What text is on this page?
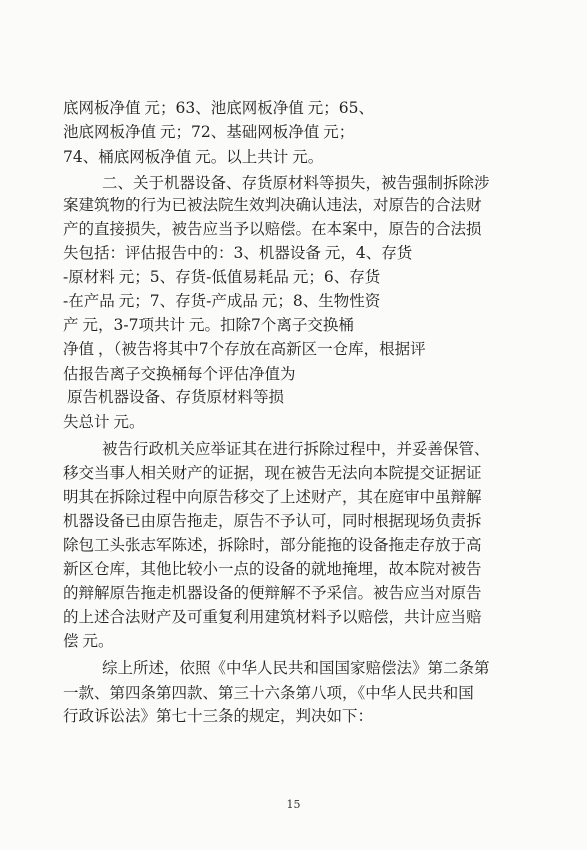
底网板净值 元；63、池底网板净值 元；65、
池底网板净值 元；72、基础网板净值 元；
74、桶底网板净值 元。以上共计 元。
二、关于机器设备、存货原材料等损失，被告强制拆除涉
案建筑物的行为已被法院生效判决确认违法，对原告的合法财
产的直接损失，被告应当予以赔偿。在本案中，原告的合法损
失包括：评估报告中的：3、机器设备 元，4、存货
-原材料 元；5、存货-低值易耗品 元；6、存货
-在产品 元；7、存货-产成品 元；8、生物性资
产 元，3-7项共计 元。扣除7个离子交换桶
净值 ，（被告将其中7个存放在高新区一仓库，根据评
估报告离子交换桶每个评估净值为
原告机器设备、存货原材料等损
失总计 元。
被告行政机关应举证其在进行拆除过程中，并妥善保管、
移交当事人相关财产的证据，现在被告无法向本院提交证据证
明其在拆除过程中向原告移交了上述财产，其在庭审中虽辩解
机器设备已由原告拖走，原告不予认可，同时根据现场负责拆
除包工头张志军陈述，拆除时，部分能拖的设备拖走存放于高
新区仓库，其他比较小一点的设备的就地掩埋，故本院对被告
的辩解原告拖走机器设备的便辩解不予采信。被告应当对原告
的上述合法财产及可重复利用建筑材料予以赔偿，共计应当赔
偿 元。
综上所述，依照《中华人民共和国国家赔偿法》第二条第
一款、第四条第四款、第三十六条第八项，《中华人民共和国
行政诉讼法》第七十三条的规定，判决如下：
15
